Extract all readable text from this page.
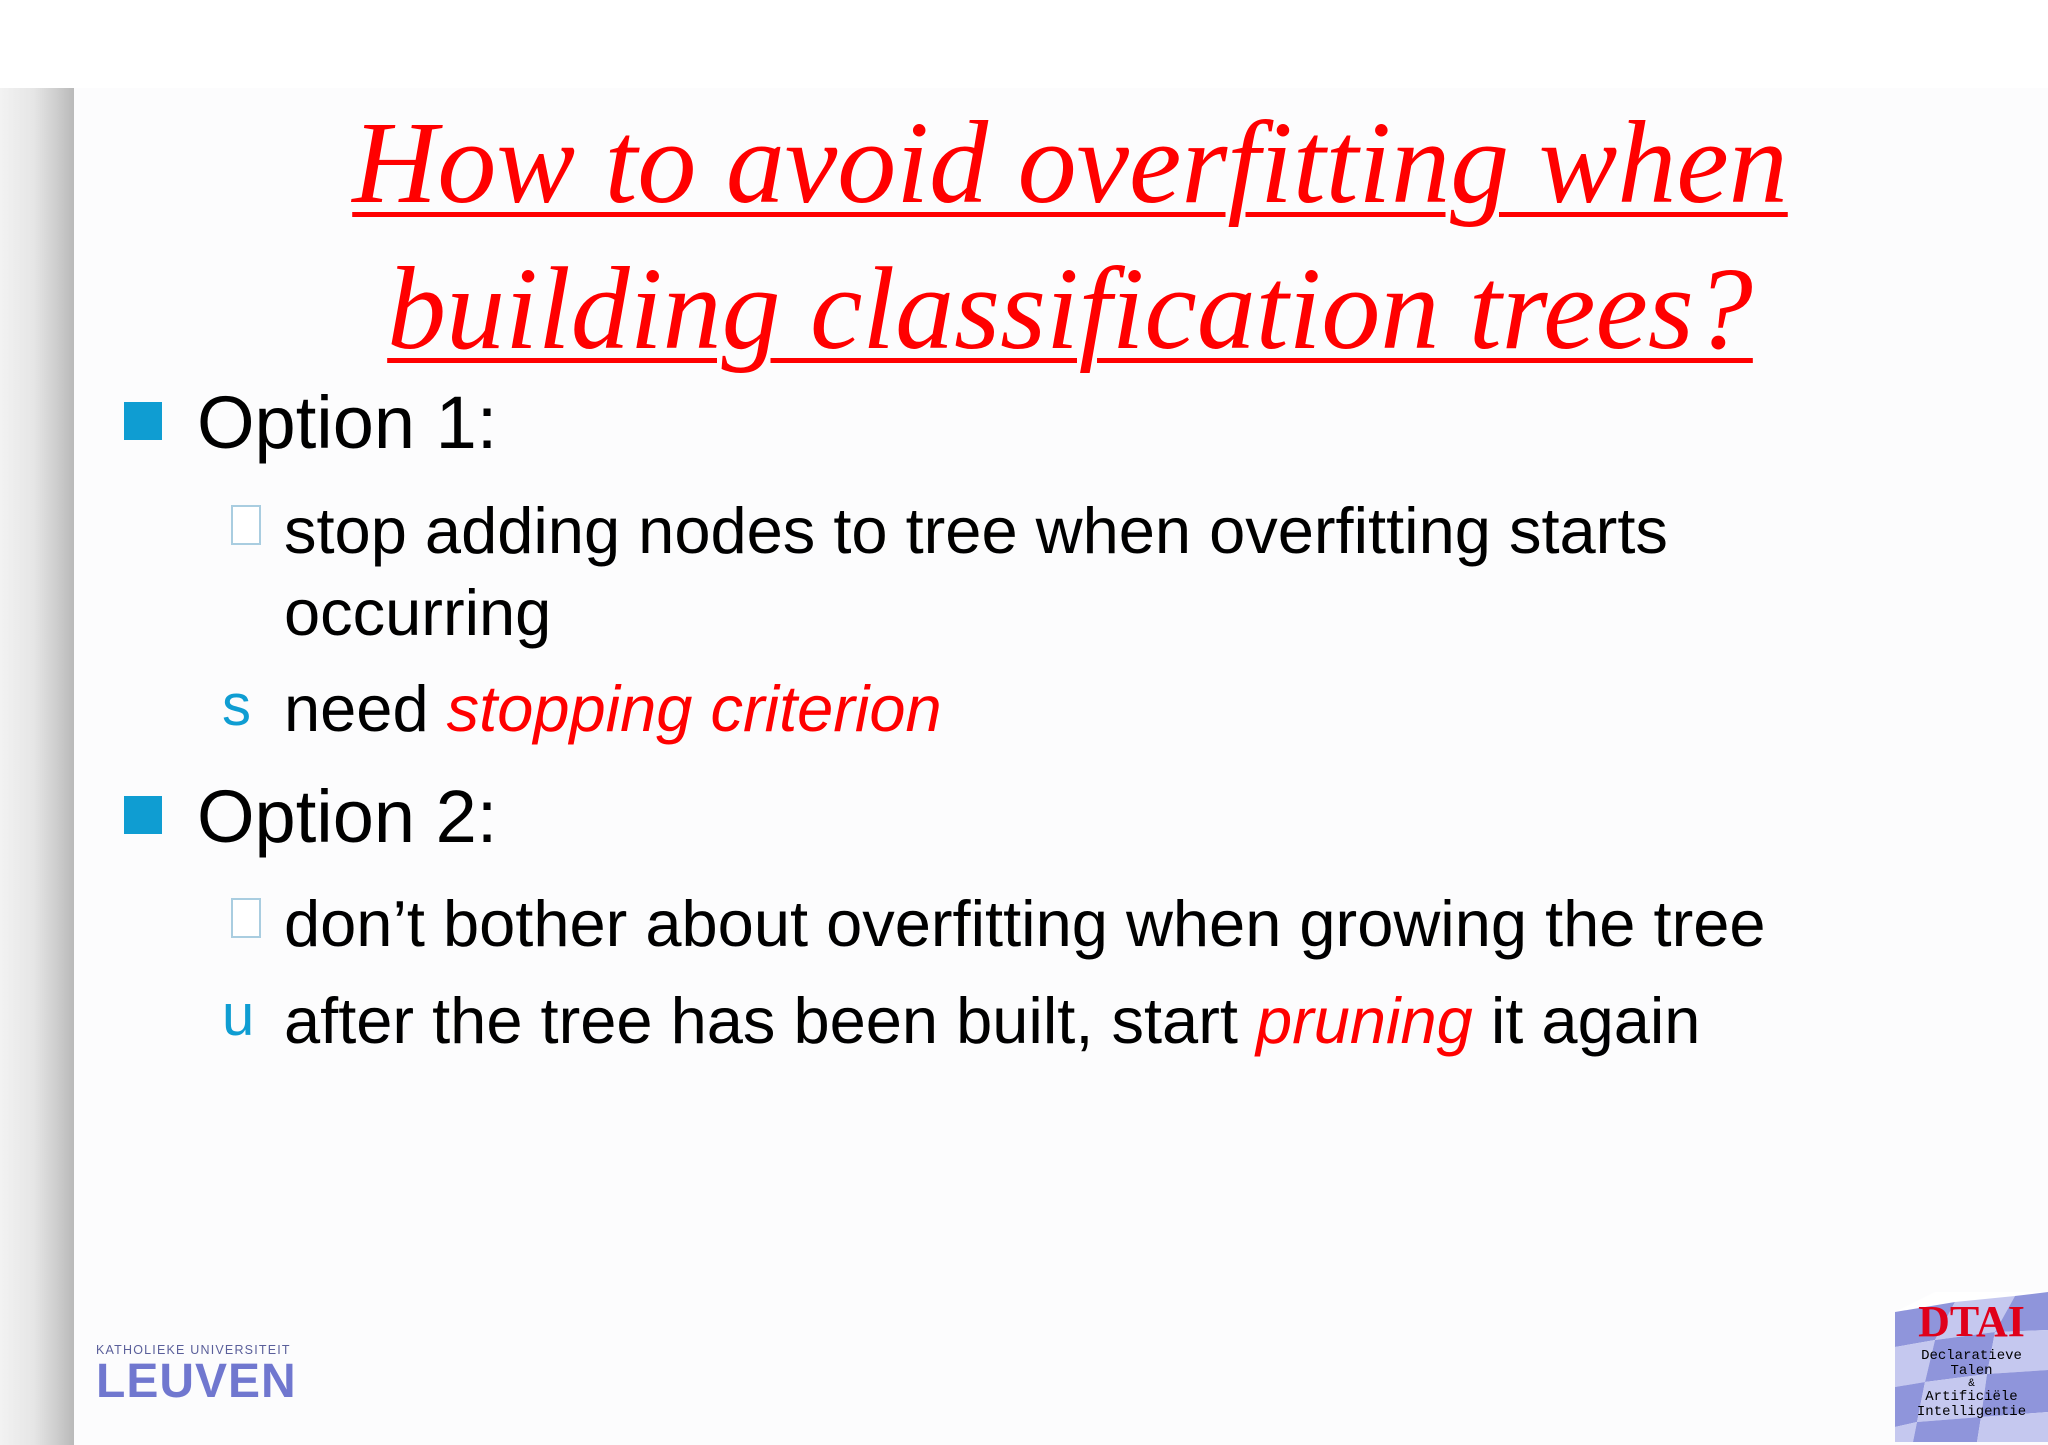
How to avoid overfitting when
building classification trees?
Option 1:
stop adding nodes to tree when overfitting starts
occurring
s need stopping criterion
Option 2:
don’t bother about overfitting when growing the tree
u after the tree has been built, start pruning it again
KATHOLIEKE UNIVERSITEIT
LEUVEN
DTAI
Declaratieve
Talen
&
Artificiële
Intelligentie
